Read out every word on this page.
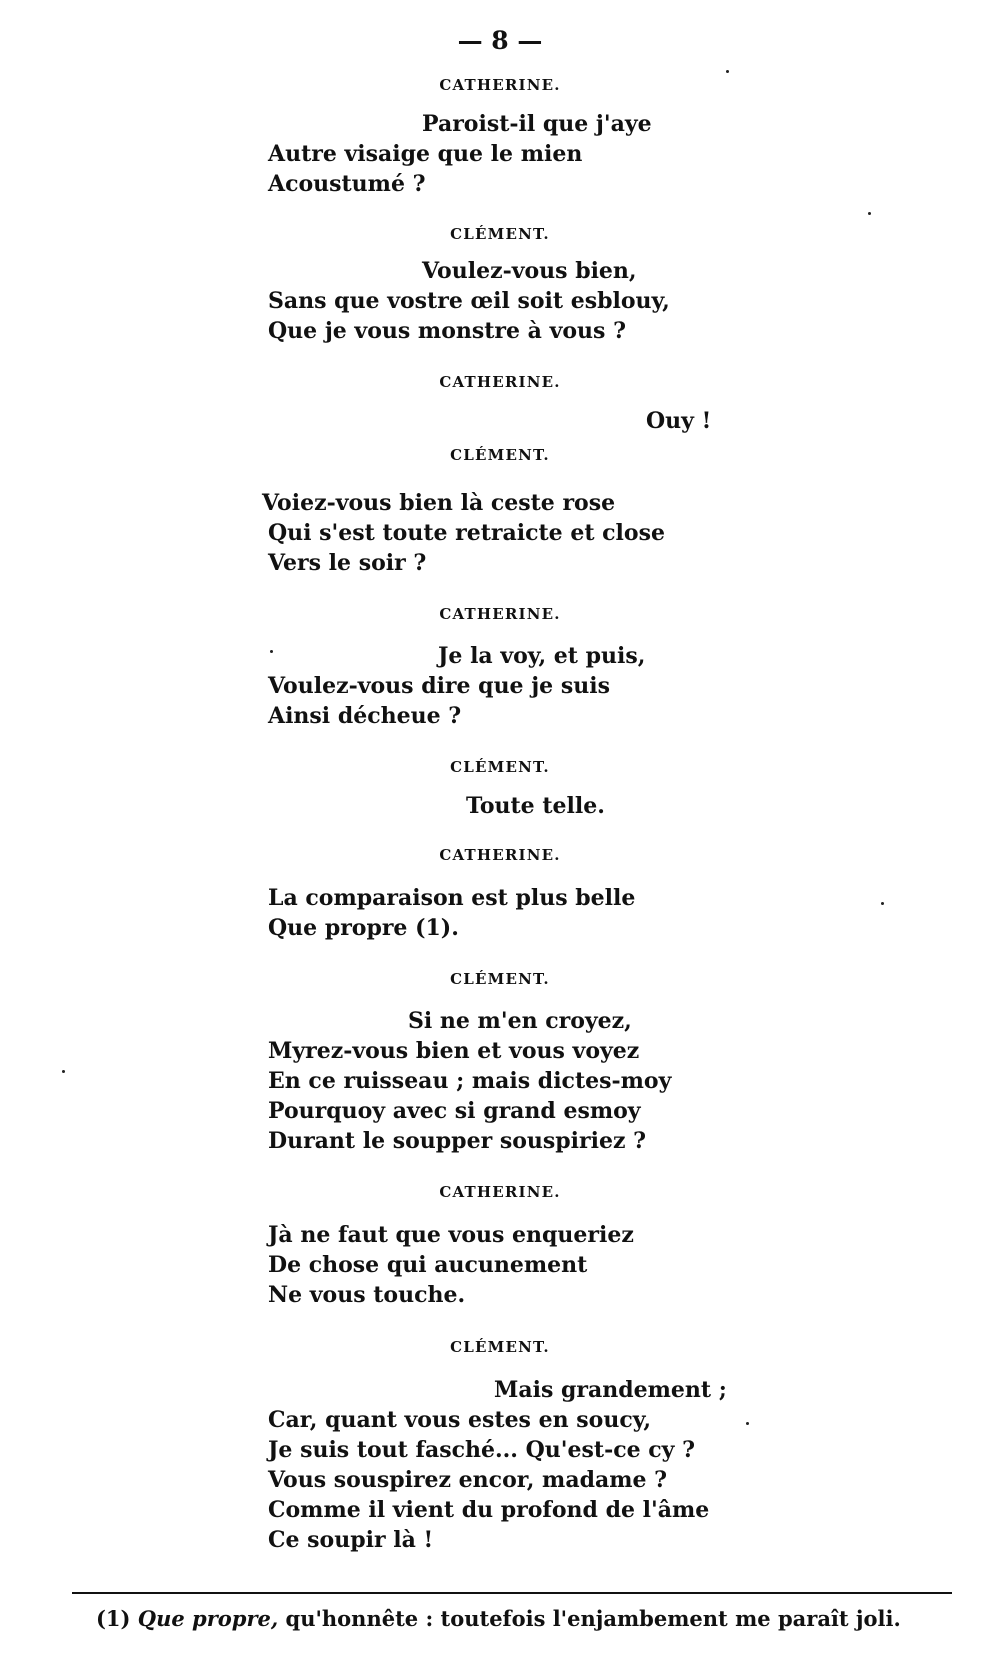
— 8 —
CATHERINE.
Paroist-il que j'aye
Autre visaige que le mien
Acoustumé ?
CLÉMENT.
Voulez-vous bien,
Sans que vostre œil soit esblouy,
Que je vous monstre à vous ?
CATHERINE.
Ouy !
CLÉMENT.
Voiez-vous bien là ceste rose
Qui s'est toute retraicte et close
Vers le soir ?
CATHERINE.
Je la voy, et puis,
Voulez-vous dire que je suis
Ainsi décheue ?
CLÉMENT.
Toute telle.
CATHERINE.
La comparaison est plus belle
Que propre (1).
CLÉMENT.
Si ne m'en croyez,
Myrez-vous bien et vous voyez
En ce ruisseau ; mais dictes-moy
Pourquoy avec si grand esmoy
Durant le soupper souspiriez ?
CATHERINE.
Jà ne faut que vous enqueriez
De chose qui aucunement
Ne vous touche.
CLÉMENT.
Mais grandement ;
Car, quant vous estes en soucy,
Je suis tout fasché... Qu'est-ce cy ?
Vous souspirez encor, madame ?
Comme il vient du profond de l'âme
Ce soupir là !
(1) Que propre, qu'honnête : toutefois l'enjambement me paraît joli.
